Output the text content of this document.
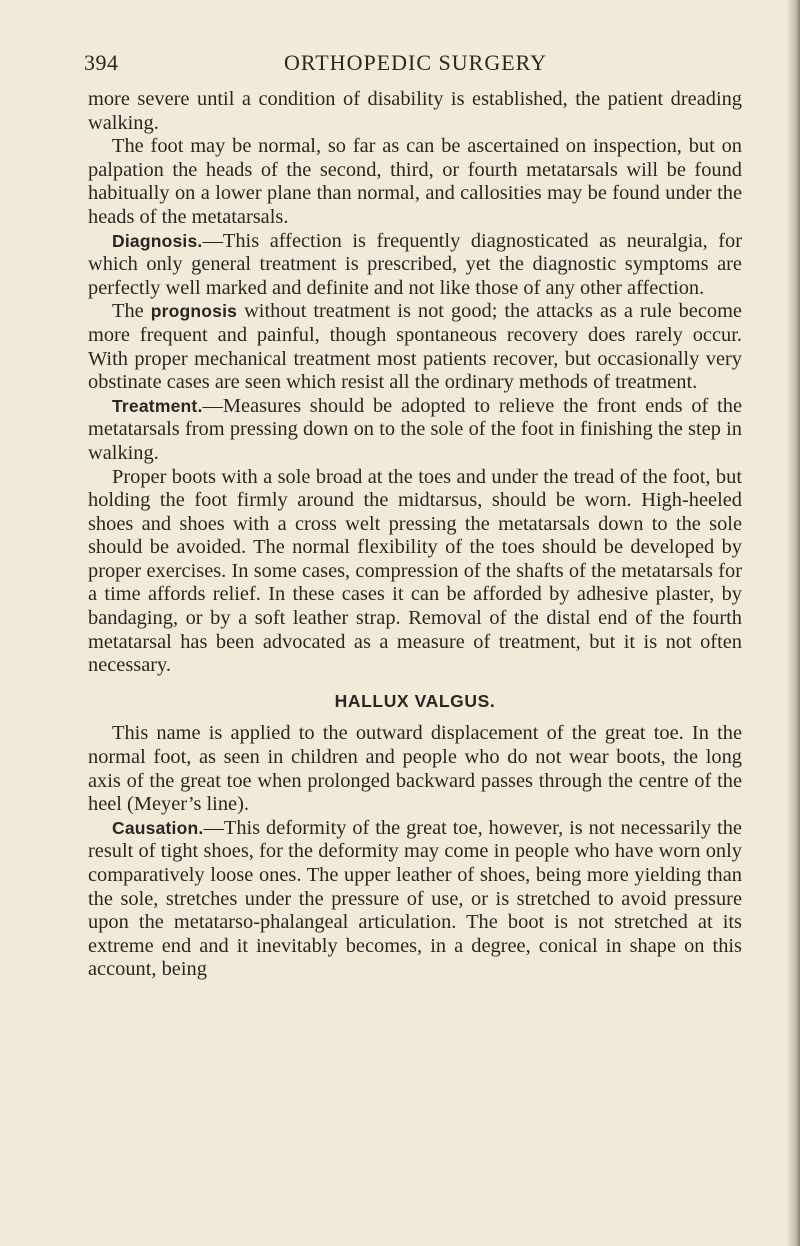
394	ORTHOPEDIC SURGERY

more severe until a condition of disability is established, the patient dreading walking.

The foot may be normal, so far as can be ascertained on inspection, but on palpation the heads of the second, third, or fourth metatarsals will be found habitually on a lower plane than normal, and callosities may be found under the heads of the metatarsals.

Diagnosis.—This affection is frequently diagnosticated as neuralgia, for which only general treatment is prescribed, yet the diagnostic symptoms are perfectly well marked and definite and not like those of any other affection.

The prognosis without treatment is not good; the attacks as a rule become more frequent and painful, though spontaneous recovery does rarely occur. With proper mechanical treatment most patients recover, but occasionally very obstinate cases are seen which resist all the ordinary methods of treatment.

Treatment.—Measures should be adopted to relieve the front ends of the metatarsals from pressing down on to the sole of the foot in finishing the step in walking.

Proper boots with a sole broad at the toes and under the tread of the foot, but holding the foot firmly around the midtarsus, should be worn. High-heeled shoes and shoes with a cross welt pressing the metatarsals down to the sole should be avoided. The normal flexibility of the toes should be developed by proper exercises. In some cases, compression of the shafts of the metatarsals for a time affords relief. In these cases it can be afforded by adhesive plaster, by bandaging, or by a soft leather strap. Removal of the distal end of the fourth metatarsal has been advocated as a measure of treatment, but it is not often necessary.

HALLUX VALGUS.

This name is applied to the outward displacement of the great toe. In the normal foot, as seen in children and people who do not wear boots, the long axis of the great toe when prolonged backward passes through the centre of the heel (Meyer’s line).

Causation.—This deformity of the great toe, however, is not necessarily the result of tight shoes, for the deformity may come in people who have worn only comparatively loose ones. The upper leather of shoes, being more yielding than the sole, stretches under the pressure of use, or is stretched to avoid pressure upon the metatarso-phalangeal articulation. The boot is not stretched at its extreme end and it inevitably becomes, in a degree, conical in shape on this account, being
